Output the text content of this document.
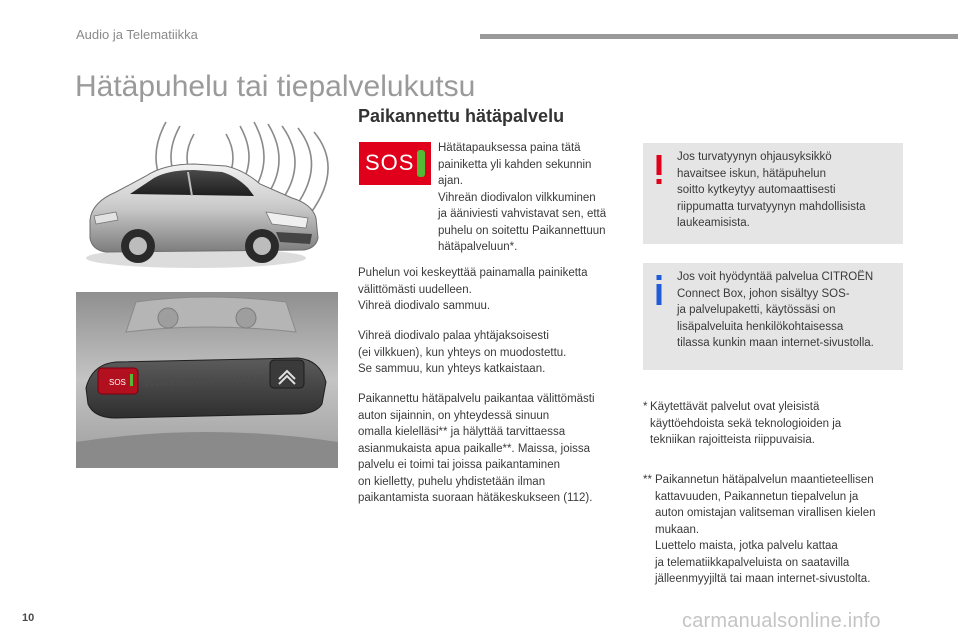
Audio ja Telematiikka
Hätäpuhelu tai tiepalvelukutsu
Paikannettu hätäpalvelu
SOS
SOS
Hätätapauksessa paina tätä
painiketta yli kahden sekunnin
ajan.
Vihreän diodivalon vilkkuminen
ja ääniviesti vahvistavat sen, että
puhelu on soitettu Paikannettuun
hätäpalveluun*.
Puhelun voi keskeyttää painamalla painiketta
välittömästi uudelleen.
Vihreä diodivalo sammuu.
Vihreä diodivalo palaa yhtäjaksoisesti
(ei vilkkuen), kun yhteys on muodostettu.
Se sammuu, kun yhteys katkaistaan.
Paikannettu hätäpalvelu paikantaa välittömästi
auton sijainnin, on yhteydessä sinuun
omalla kielelläsi** ja hälyttää tarvittaessa
asianmukaista apua paikalle**. Maissa, joissa
palvelu ei toimi tai joissa paikantaminen
on kielletty, puhelu yhdistetään ilman
paikantamista suoraan hätäkeskukseen (112).
Jos turvatyynyn ohjausyksikkö
havaitsee iskun, hätäpuhelun
soitto kytkeytyy automaattisesti
riippumatta turvatyynyn mahdollisista
laukeamisista.
Jos voit hyödyntää palvelua CITROËN
Connect Box, johon sisältyy SOS-
ja palvelupaketti, käytössäsi on
lisäpalveluita henkilökohtaisessa
tilassa kunkin maan internet-sivustolla.
* Käytettävät palvelut ovat yleisistä
käyttöehdoista sekä teknologioiden ja
tekniikan rajoitteista riippuvaisia.
** Paikannetun hätäpalvelun maantieteellisen
kattavuuden, Paikannetun tiepalvelun ja
auton omistajan valitseman virallisen kielen
mukaan.
Luettelo maista, jotka palvelu kattaa
ja telematiikkapalveluista on saatavilla
jälleenmyyjiltä tai maan internet-sivustolta.
10	carmanualsonline.info
